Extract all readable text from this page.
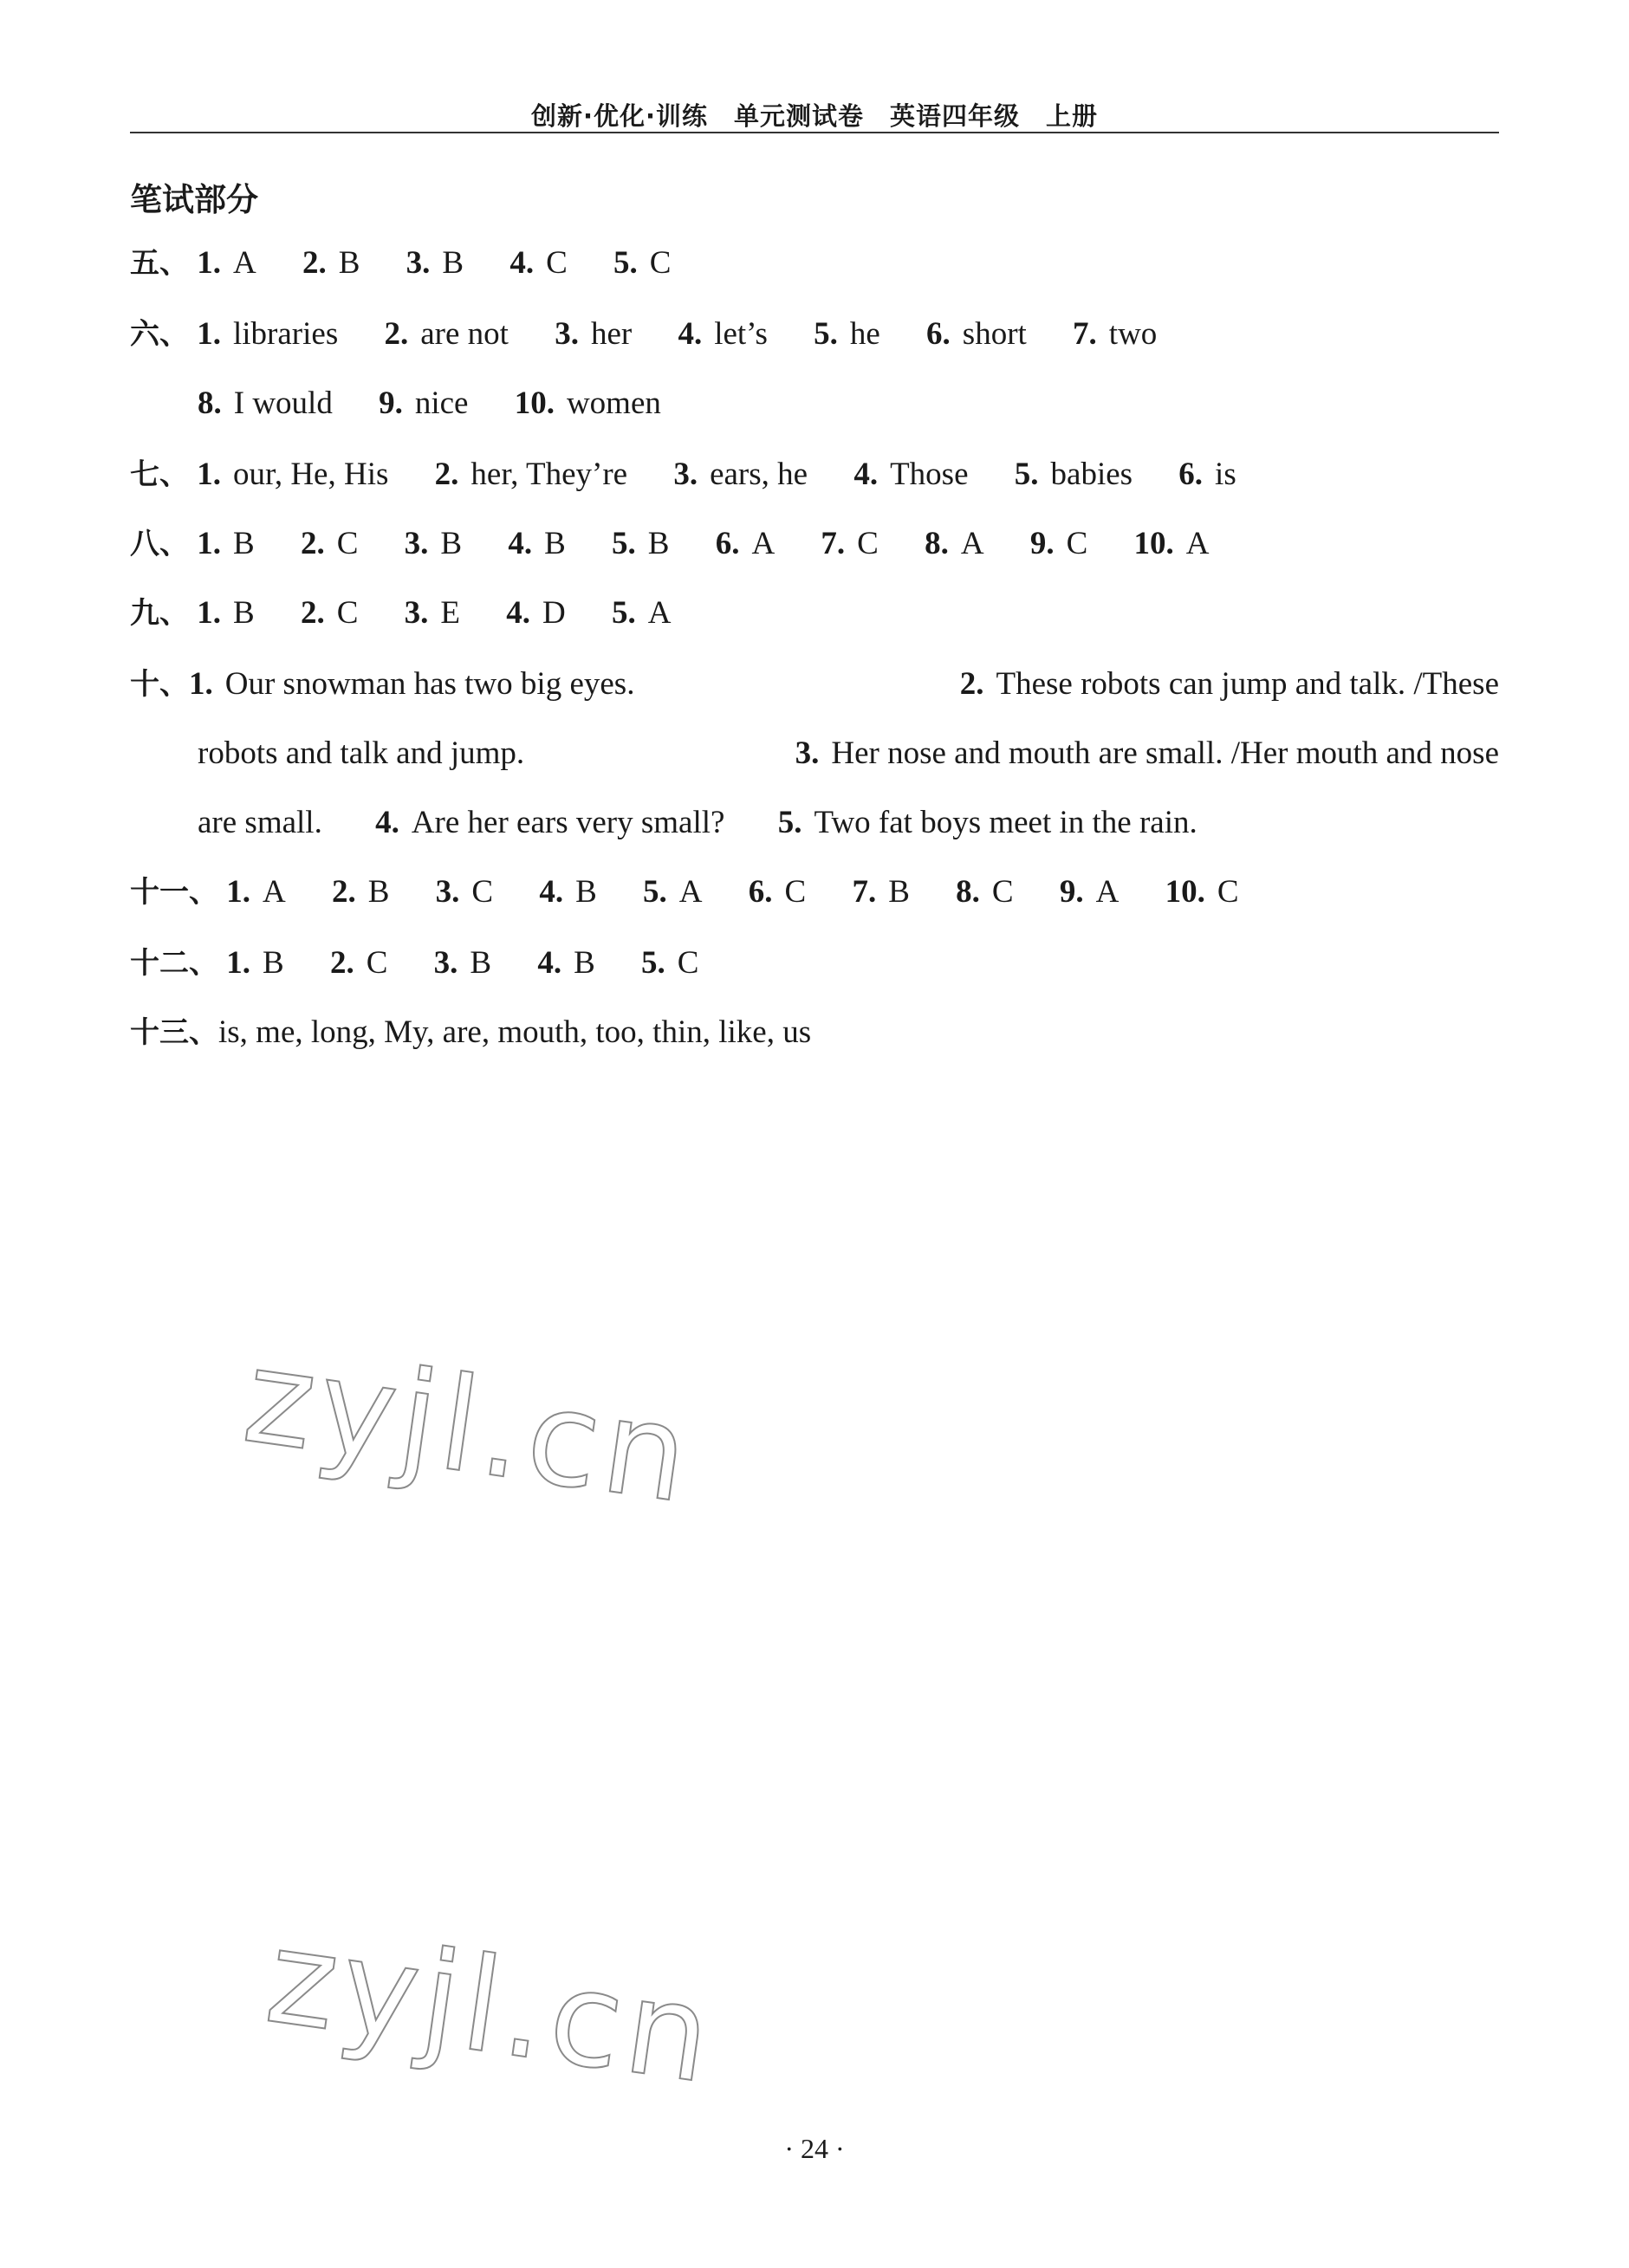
创新·优化·训练　单元测试卷　英语四年级　上册
笔试部分
五、 1. A 2. B 3. B 4. C 5. C
六、 1. libraries 2. are not 3. her 4. let’s 5. he 6. short 7. two
8. I would 9. nice 10. women
七、 1. our, He, His 2. her, They’re 3. ears, he 4. Those 5. babies 6. is
八、 1. B 2. C 3. B 4. B 5. B 6. A 7. C 8. A 9. C 10. A
九、 1. B 2. C 3. E 4. D 5. A
十、1. Our snowman has two big eyes.	2. These robots can jump and talk. /These
robots and talk and jump.	3. Her nose and mouth are small. /Her mouth and nose
are small. 4. Are her ears very small? 5. Two fat boys meet in the rain.
十一、 1. A 2. B 3. C 4. B 5. A 6. C 7. B 8. C 9. A 10. C
十二、 1. B 2. C 3. B 4. B 5. C
十三、is, me, long, My, are, mouth, too, thin, like, us
zyjl.cn
zyjl.cn
· 24 ·
